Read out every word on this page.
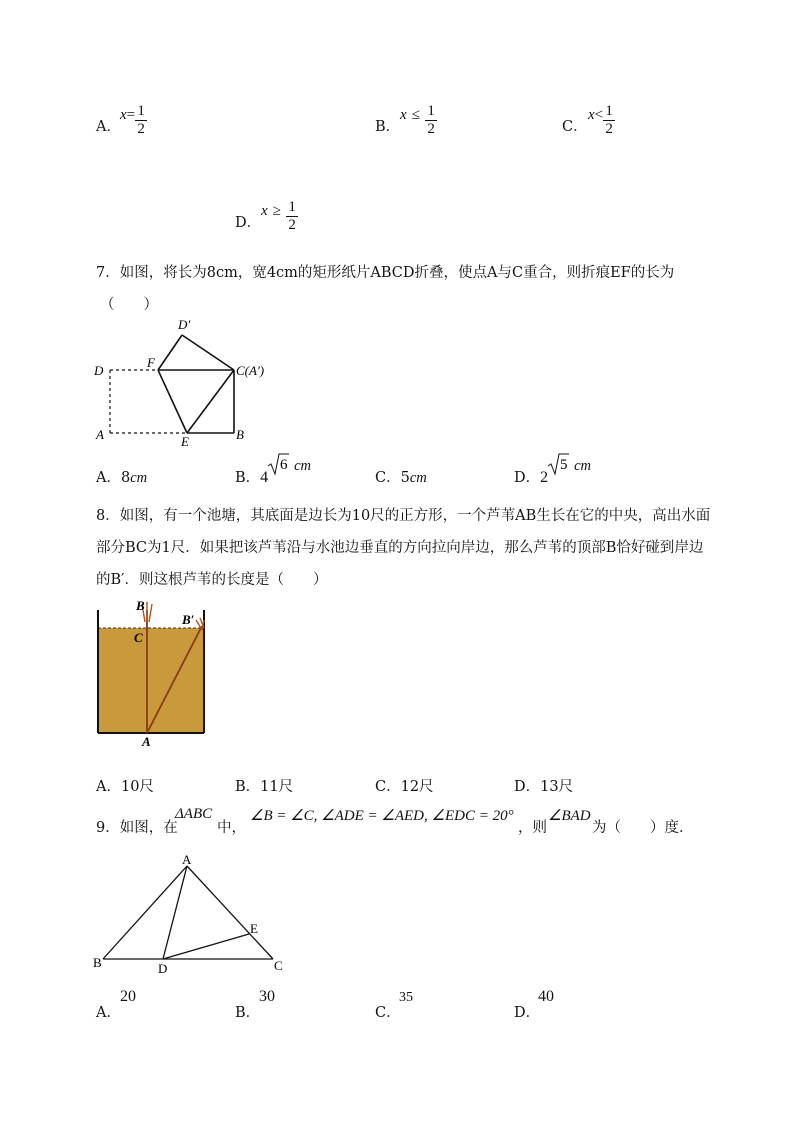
A．
$x= \frac{1}{2}$	B．
$x \le \frac{1}{2}$	C．
$x< \frac{1}{2}$
D．
$x \ge \frac{1}{2}$
7．如图，将长为8cm，宽4cm的矩形纸片ABCD折叠，使点A与C重合，则折痕EF的长为
（　　）
D′
D
F
C(A′)
A	E	B
A．8cm	B．4
6 cm
C．5cm	D．2
5 cm
8．如图，有一个池塘，其底面是边长为10尺的正方形，一个芦苇AB生长在它的中央，高出水面
部分BC为1尺．如果把该芦苇沿与水池边垂直的方向拉向岸边，那么芦苇的顶部B恰好碰到岸边
的B′．则这根芦苇的长度是（　　）
B
B′
C
A
A．10尺	B．11尺	C．12尺	D．13尺
9．如图，在
ΔABC
中，
∠B = ∠C, ∠ADE = ∠AED, ∠EDC = 20°
，则
∠BAD
为（　　）度．
A
B	C
D
E
A．
20
B．
30
C．
35
D．
40
